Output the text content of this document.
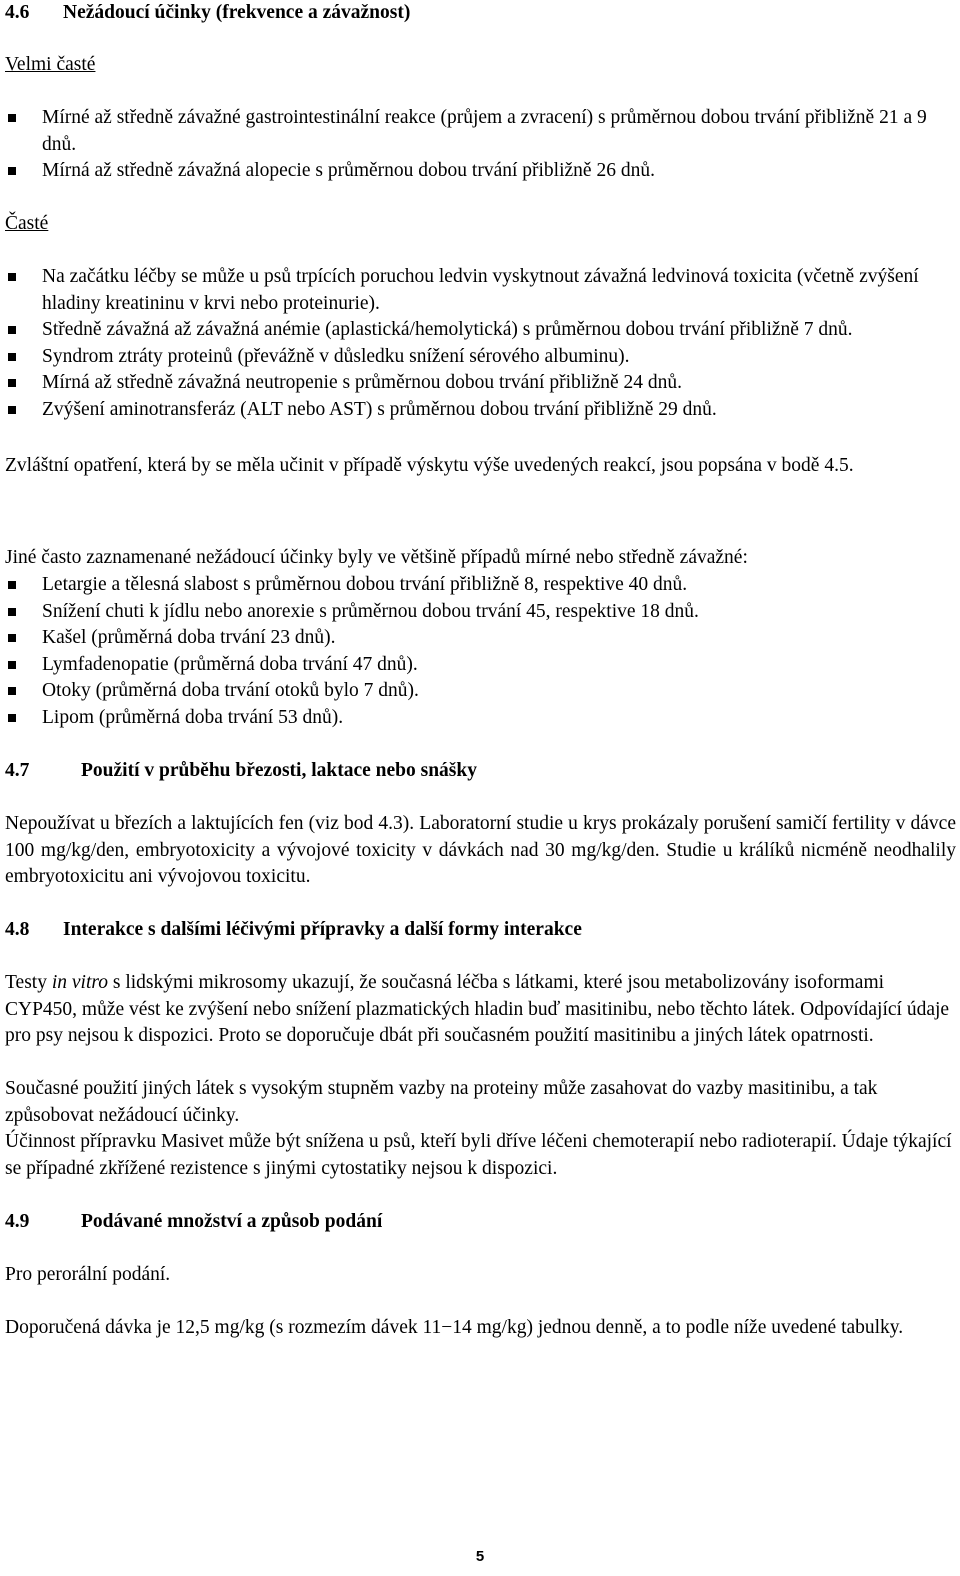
4.6 Nežádoucí účinky (frekvence a závažnost)

Velmi časté

Mírné až středně závažné gastrointestinální reakce (průjem a zvracení) s průměrnou dobou trvání přibližně 21 a 9 dnů.
Mírná až středně závažná alopecie s průměrnou dobou trvání přibližně 26 dnů.

Časté

Na začátku léčby se může u psů trpících poruchou ledvin vyskytnout závažná ledvinová toxicita (včetně zvýšení hladiny kreatininu v krvi nebo proteinurie).
Středně závažná až závažná anémie (aplastická/hemolytická) s průměrnou dobou trvání přibližně 7 dnů.
Syndrom ztráty proteinů (převážně v důsledku snížení sérového albuminu).
Mírná až středně závažná neutropenie s průměrnou dobou trvání přibližně 24 dnů.
Zvýšení aminotransferáz (ALT nebo AST) s průměrnou dobou trvání přibližně 29 dnů.

Zvláštní opatření, která by se měla učinit v případě výskytu výše uvedených reakcí, jsou popsána v bodě 4.5.

Jiné často zaznamenané nežádoucí účinky byly ve většině případů mírné nebo středně závažné:

Letargie a tělesná slabost s průměrnou dobou trvání přibližně 8, respektive 40 dnů.
Snížení chuti k jídlu nebo anorexie s průměrnou dobou trvání 45, respektive 18 dnů.
Kašel (průměrná doba trvání 23 dnů).
Lymfadenopatie (průměrná doba trvání 47 dnů).
Otoky (průměrná doba trvání otoků bylo 7 dnů).
Lipom (průměrná doba trvání 53 dnů).
4.7	Použití v průběhu březosti, laktace nebo snášky

Nepoužívat u březích a laktujících fen (viz bod 4.3). Laboratorní studie u krys prokázaly porušení samičí fertility v dávce 100 mg/kg/den, embryotoxicity a vývojové toxicity v dávkách nad 30 mg/kg/den. Studie u králíků nicméně neodhalily embryotoxicitu ani vývojovou toxicitu.

4.8 Interakce s dalšími léčivými přípravky a další formy interakce

Testy in vitro s lidskými mikrosomy ukazují, že současná léčba s látkami, které jsou metabolizovány isoformami CYP450, může vést ke zvýšení nebo snížení plazmatických hladin buď masitinibu, nebo těchto látek. Odpovídající údaje pro psy nejsou k dispozici. Proto se doporučuje dbát při současném použití masitinibu a jiných látek opatrnosti.

Současné použití jiných látek s vysokým stupněm vazby na proteiny může zasahovat do vazby masitinibu, a tak způsobovat nežádoucí účinky.

Účinnost přípravku Masivet může být snížena u psů, kteří byli dříve léčeni chemoterapií nebo radioterapií. Údaje týkající se případné zkřížené rezistence s jinými cytostatiky nejsou k dispozici.

4.9	Podávané množství a způsob podání

Pro perorální podání.

Doporučená dávka je 12,5 mg/kg (s rozmezím dávek 11−14 mg/kg) jednou denně, a to podle níže uvedené tabulky.

5
